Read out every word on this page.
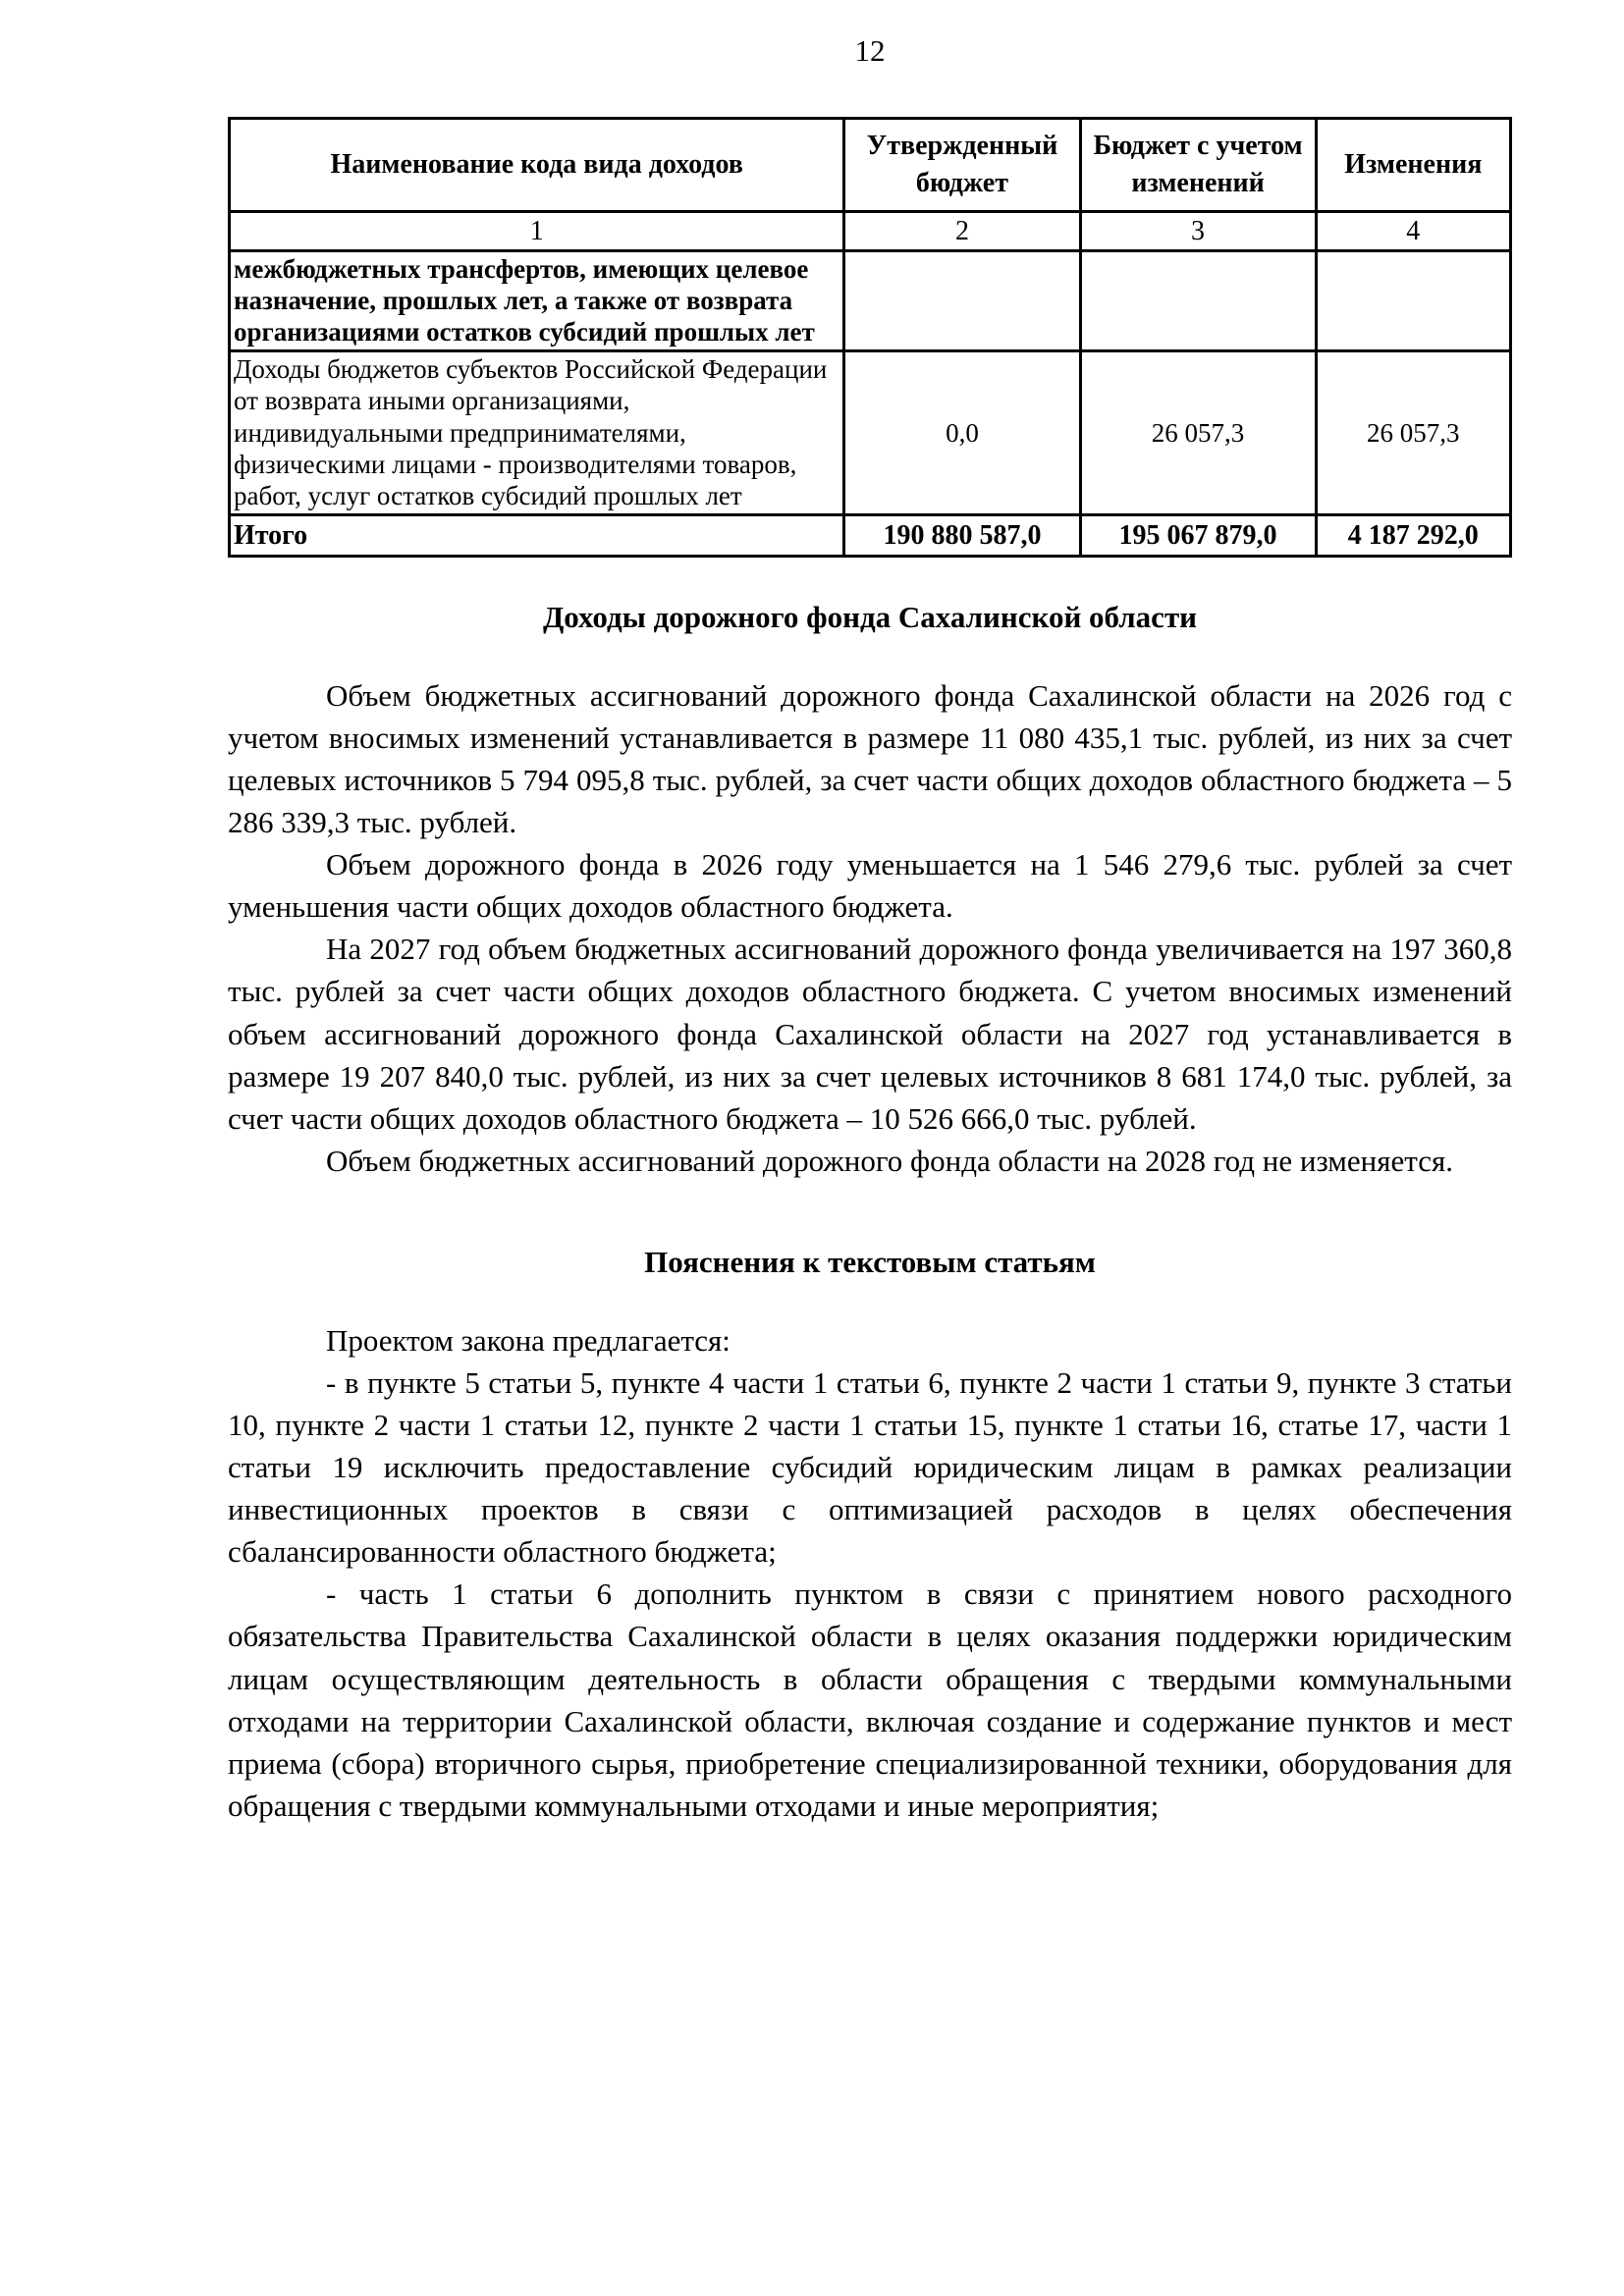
12
Наименование кода вида доходов	Утвержденный бюджет	Бюджет с учетом изменений	Изменения
1	2	3	4
межбюджетных трансфертов, имеющих целевое назначение, прошлых лет, а также от возврата организациями остатков субсидий прошлых лет			
Доходы бюджетов субъектов Российской Федерации от возврата иными организациями, индивидуальными предпринимателями, физическими лицами - производителями товаров, работ, услуг остатков субсидий прошлых лет	0,0	26 057,3	26 057,3
Итого	190 880 587,0	195 067 879,0	4 187 292,0
Доходы дорожного фонда Сахалинской области

Объем бюджетных ассигнований дорожного фонда Сахалинской области на 2026 год с учетом вносимых изменений устанавливается в размере 11 080 435,1 тыс. рублей, из них за счет целевых источников 5 794 095,8 тыс. рублей, за счет части общих доходов областного бюджета – 5 286 339,3 тыс. рублей.

Объем дорожного фонда в 2026 году уменьшается на 1 546 279,6 тыс. рублей за счет уменьшения части общих доходов областного бюджета.

На 2027 год объем бюджетных ассигнований дорожного фонда увеличивается на 197 360,8 тыс. рублей за счет части общих доходов областного бюджета. С учетом вносимых изменений объем ассигнований дорожного фонда Сахалинской области на 2027 год устанавливается в размере 19 207 840,0 тыс. рублей, из них за счет целевых источников 8 681 174,0 тыс. рублей, за счет части общих доходов областного бюджета – 10 526 666,0 тыс. рублей.

Объем бюджетных ассигнований дорожного фонда области на 2028 год не изменяется.

Пояснения к текстовым статьям

Проектом закона предлагается:

- в пункте 5 статьи 5, пункте 4 части 1 статьи 6, пункте 2 части 1 статьи 9, пункте 3 статьи 10, пункте 2 части 1 статьи 12, пункте 2 части 1 статьи 15, пункте 1 статьи 16, статье 17, части 1 статьи 19 исключить предоставление субсидий юридическим лицам в рамках реализации инвестиционных проектов в связи с оптимизацией расходов в целях обеспечения сбалансированности областного бюджета;

- часть 1 статьи 6 дополнить пунктом в связи с принятием нового расходного обязательства Правительства Сахалинской области в целях оказания поддержки юридическим лицам осуществляющим деятельность в области обращения с твердыми коммунальными отходами на территории Сахалинской области, включая создание и содержание пунктов и мест приема (сбора) вторичного сырья, приобретение специализированной техники, оборудования для обращения с твердыми коммунальными отходами и иные мероприятия;
